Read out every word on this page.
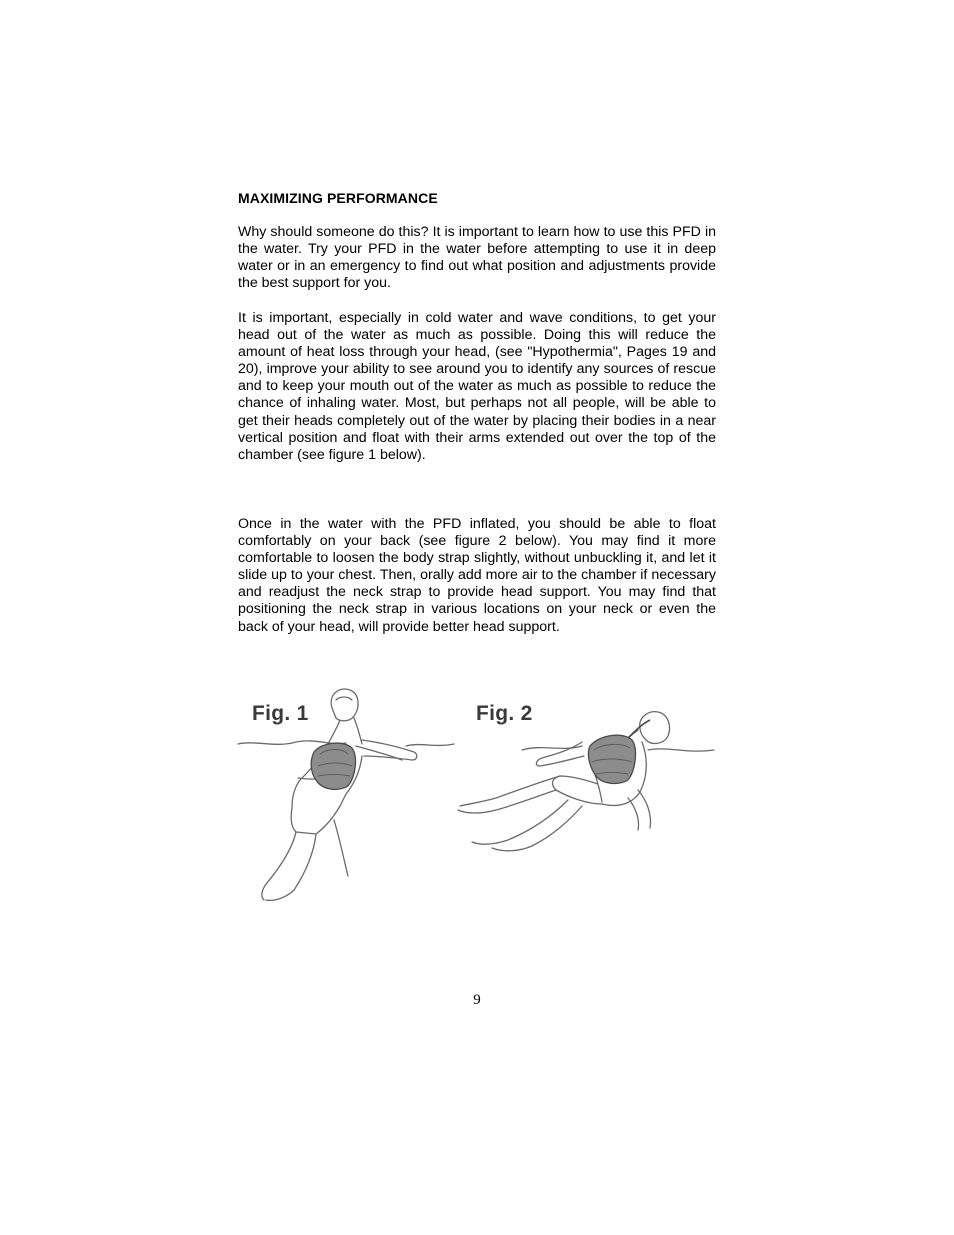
MAXIMIZING PERFORMANCE

Why should someone do this? It is important to learn how to use this PFD in the water. Try your PFD in the water before attempting to use it in deep water or in an emergency to find out what position and adjustments provide the best support for you.

It is important, especially in cold water and wave conditions, to get your head out of the water as much as possible. Doing this will reduce the amount of heat loss through your head, (see "Hypothermia", Pages 19 and 20), improve your ability to see around you to identify any sources of rescue and to keep your mouth out of the water as much as possible to reduce the chance of inhaling water. Most, but perhaps not all people, will be able to get their heads completely out of the water by placing their bodies in a near vertical position and float with their arms extended out over the top of the chamber (see figure 1 below).

Once in the water with the PFD inflated, you should be able to float comfortably on your back (see figure 2 below). You may find it more comfortable to loosen the body strap slightly, without unbuckling it, and let it slide up to your chest. Then, orally add more air to the chamber if necessary and readjust the neck strap to provide head support. You may find that positioning the neck strap in various locations on your neck or even the back of your head, will provide better head support.

Fig. 1	Fig. 2

9
